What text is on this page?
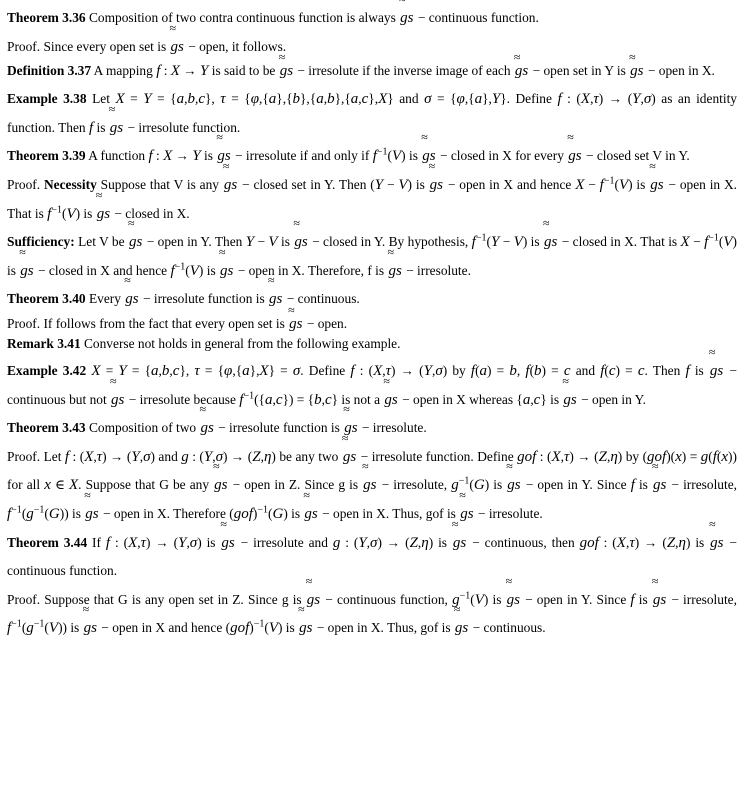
Theorem 3.36 Composition of two contra continuous function is always ≈ gs − continuous function.

Proof. Since every open set is ≈ gs − open, it follows.

Definition 3.37 A mapping f : X → Y is said to be ≈ gs − irresolute if the inverse image of each ≈ gs − open set in Y is ≈ gs − open in X.

Example 3.38 Let X = Y = {a,b,c}, τ = {φ,{a},{b},{a,b},{a,c},X} and σ = {φ,{a},Y}. Define f : (X,τ) → (Y,σ) as an identity function. Then f is ≈ gs − irresolute function.

Theorem 3.39 A function f : X → Y is ≈ gs − irresolute if and only if $f^{-1}(V)$ is ≈ gs − closed in X for every ≈ gs − closed set V in Y.

Proof. Necessity Suppose that V is any ≈ gs − closed set in Y. Then (Y − V) is ≈ gs − open in X and hence $X - f^{-1}(V)$ is ≈ gs − open in X. That is $f^{-1}(V)$ is ≈ gs − closed in X.

Sufficiency: Let V be ≈ gs − open in Y. Then Y − V is ≈ gs − closed in Y. By hypothesis, $f^{-1}(Y - V)$ is ≈ gs − closed in X. That is $X - f^{-1}(V)$ is ≈ gs − closed in X and hence $f^{-1}(V)$ is ≈ gs − open in X. Therefore, f is ≈ gs − irresolute.

Theorem 3.40 Every ≈ gs − irresolute function is ≈ gs − continuous.

Proof. If follows from the fact that every open set is ≈ gs − open.
Remark 3.41 Converse not holds in general from the following example.

Example 3.42 X = Y = {a,b,c}, τ = {φ,{a},X} = σ. Define f : (X,τ) → (Y,σ) by f(a) = b, f(b) = c and f(c) = c. Then f is ≈ gs − continuous but not ≈ gs − irresolute because $f^{-1}(\{a,c\}) = \{b,c\}$ is not a ≈ gs − open in X whereas {a,c} is ≈ gs − open in Y.

Theorem 3.43 Composition of two ≈ gs − irresolute function is ≈ gs − irresolute.

Proof. Let f : (X,τ) → (Y,σ) and g : (Y,σ) → (Z,η) be any two ≈ gs − irresolute function. Define gof : (X,τ) → (Z,η) by (gof)(x) = g(f(x)) for all x ∈ X. Suppose that G be any ≈ gs − open in Z. Since g is ≈ gs − irresolute, $g^{-1}(G)$ is ≈ gs − open in Y. Since f is ≈ gs − irresolute, $f^{-1}(g^{-1}(G))$ is ≈ gs − open in X. Therefore (gof)$^{-1}$(G) is ≈ gs − open in X. Thus, gof is ≈ gs − irresolute.

Theorem 3.44 If f : (X,τ) → (Y,σ) is ≈ gs − irresolute and g : (Y,σ) → (Z,η) is ≈ gs − continuous, then gof : (X,τ) → (Z,η) is ≈ gs − continuous function.

Proof. Suppose that G is any open set in Z. Since g is ≈ gs − continuous function, $g^{-1}(V)$ is ≈ gs − open in Y. Since f is ≈ gs − irresolute, $f^{-1}(g^{-1}(V))$ is ≈ gs − open in X and hence (gof)$^{-1}$(V) is ≈ gs − open in X. Thus, gof is ≈ gs − continuous.
